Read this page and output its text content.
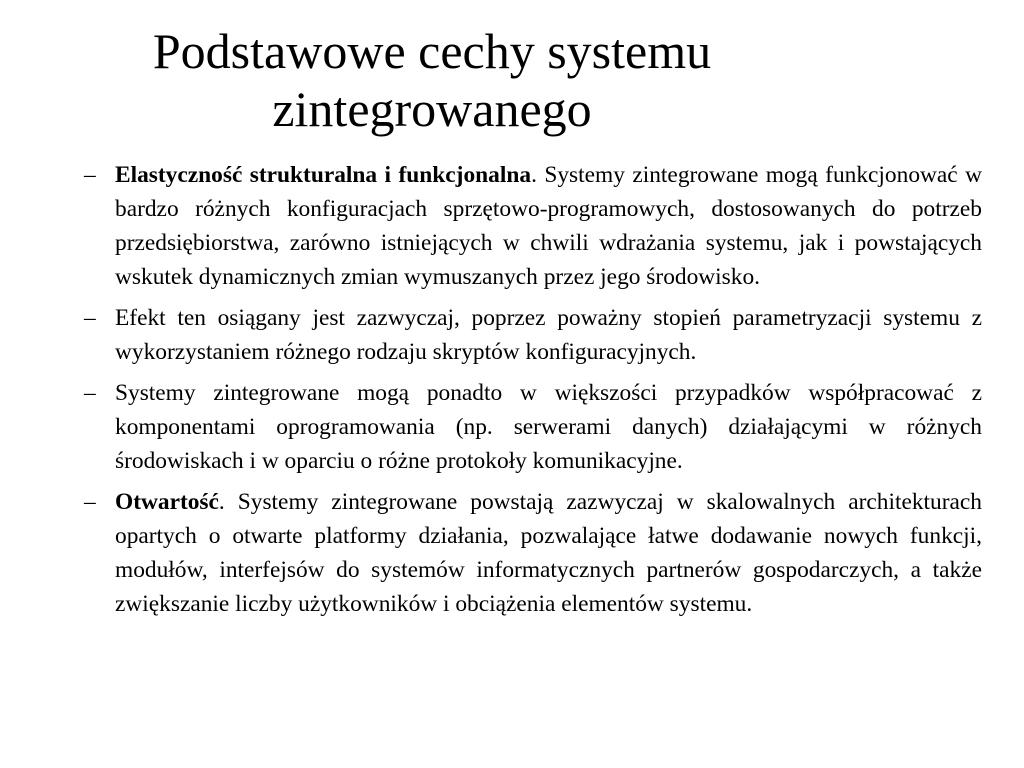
Podstawowe cechy systemu
zintegrowanego
– Elastyczność strukturalna i funkcjonalna. Systemy zintegrowane mogą funkcjonować w bardzo różnych konfiguracjach sprzętowo-programowych, dostosowanych do potrzeb przedsiębiorstwa, zarówno istniejących w chwili wdrażania systemu, jak i powstających wskutek dynamicznych zmian wymuszanych przez jego środowisko.
– Efekt ten osiągany jest zazwyczaj, poprzez poważny stopień parametryzacji systemu z wykorzystaniem różnego rodzaju skryptów konfiguracyjnych.
– Systemy zintegrowane mogą ponadto w większości przypadków współpracować z komponentami oprogramowania (np. serwerami danych) działającymi w różnych środowiskach i w oparciu o różne protokoły komunikacyjne.
– Otwartość. Systemy zintegrowane powstają zazwyczaj w skalowalnych architekturach opartych o otwarte platformy działania, pozwalające łatwe dodawanie nowych funkcji, modułów, interfejsów do systemów informatycznych partnerów gospodarczych, a także zwiększanie liczby użytkowników i obciążenia elementów systemu.
